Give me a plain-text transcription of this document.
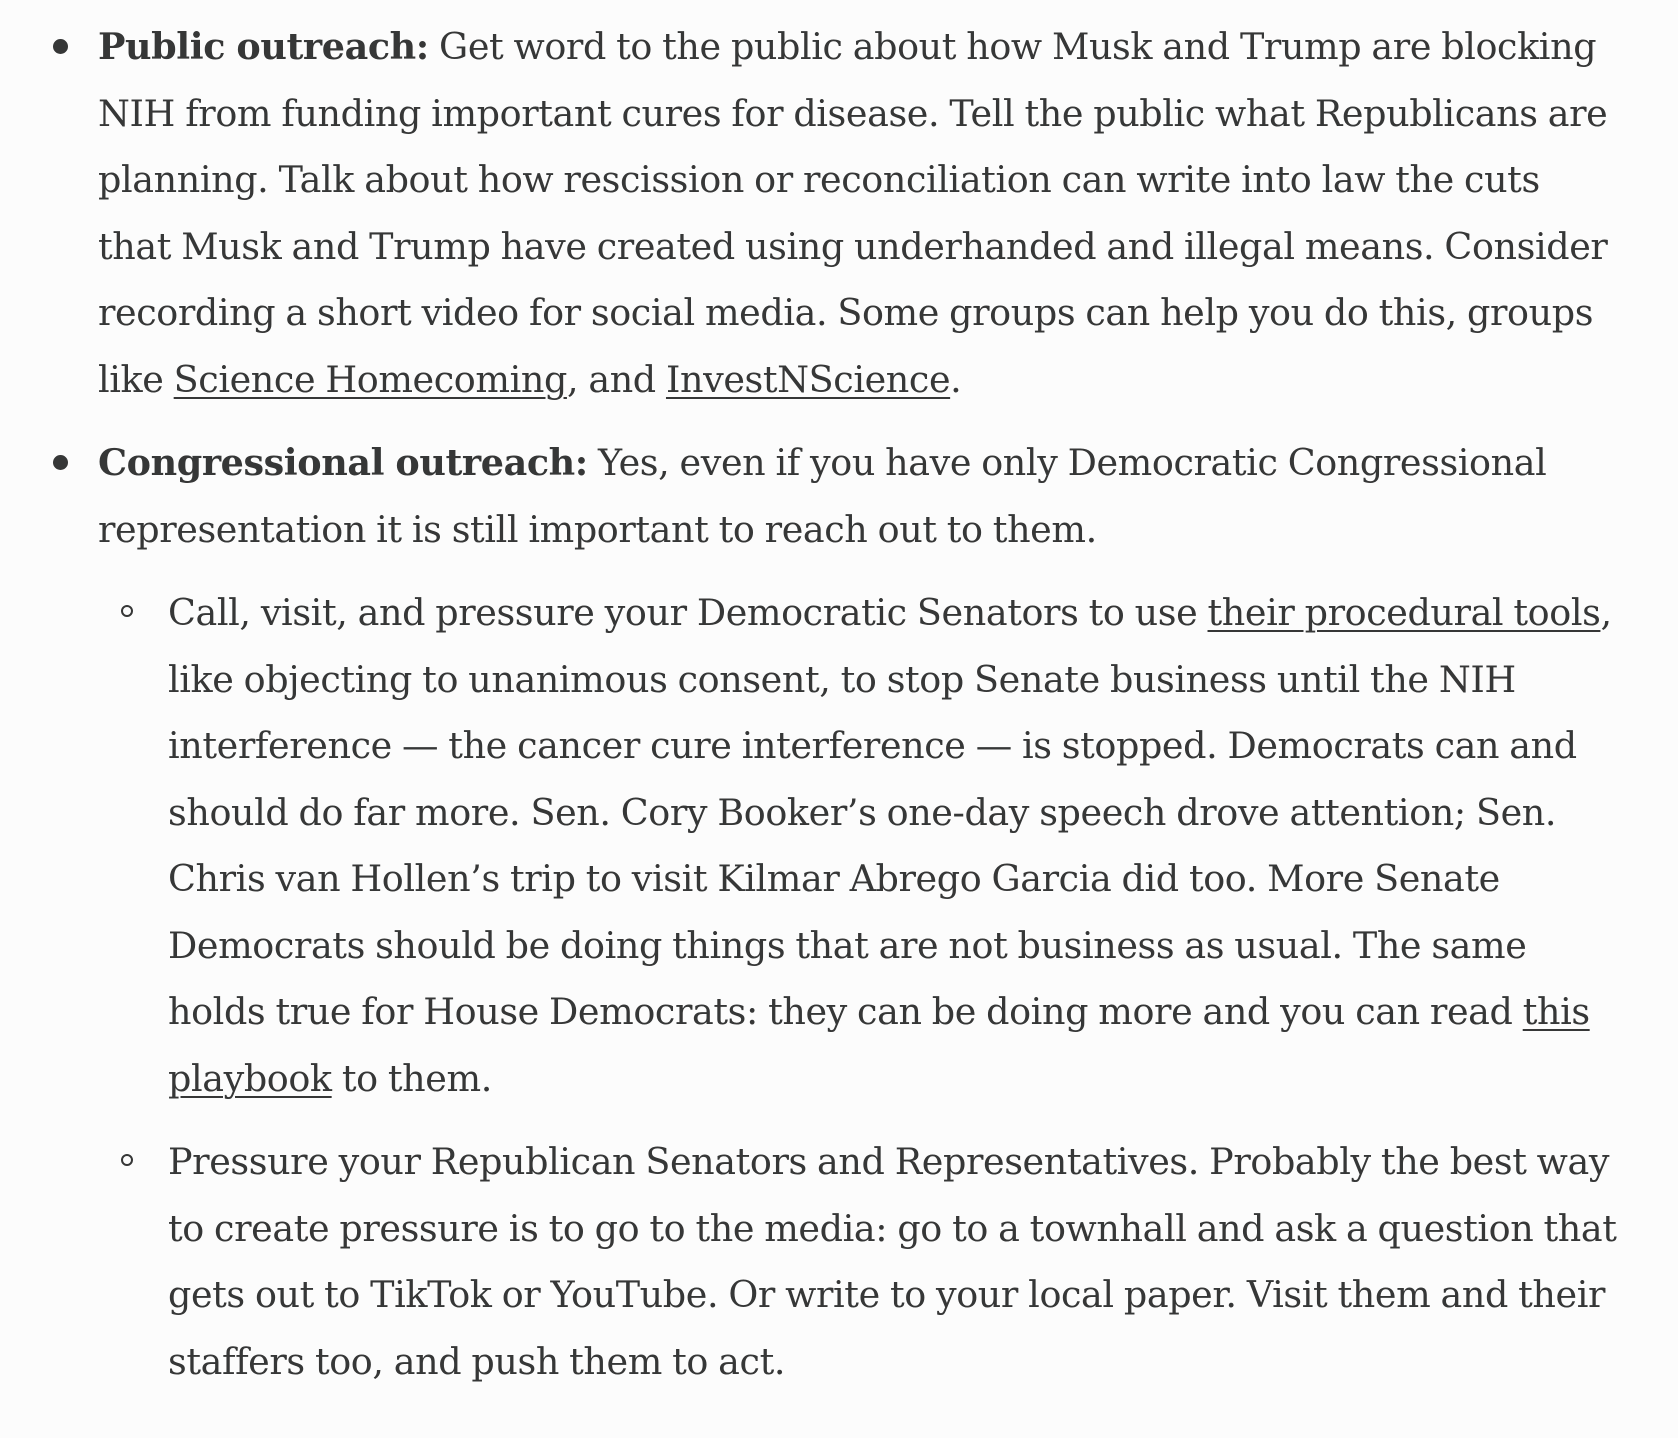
Public outreach: Get word to the public about how Musk and Trump are blocking NIH from funding important cures for disease. Tell the public what Republicans are planning. Talk about how rescission or reconciliation can write into law the cuts that Musk and Trump have created using underhanded and illegal means. Consider recording a short video for social media. Some groups can help you do this, groups like Science Homecoming, and InvestNScience.
Congressional outreach: Yes, even if you have only Democratic Congressional representation it is still important to reach out to them.
Call, visit, and pressure your Democratic Senators to use their procedural tools, like objecting to unanimous consent, to stop Senate business until the NIH interference — the cancer cure interference — is stopped. Democrats can and should do far more. Sen. Cory Booker’s one-day speech drove attention; Sen. Chris van Hollen’s trip to visit Kilmar Abrego Garcia did too. More Senate Democrats should be doing things that are not business as usual. The same holds true for House Democrats: they can be doing more and you can read this playbook to them.
Pressure your Republican Senators and Representatives. Probably the best way to create pressure is to go to the media: go to a townhall and ask a question that gets out to TikTok or YouTube. Or write to your local paper. Visit them and their staffers too, and push them to act.
